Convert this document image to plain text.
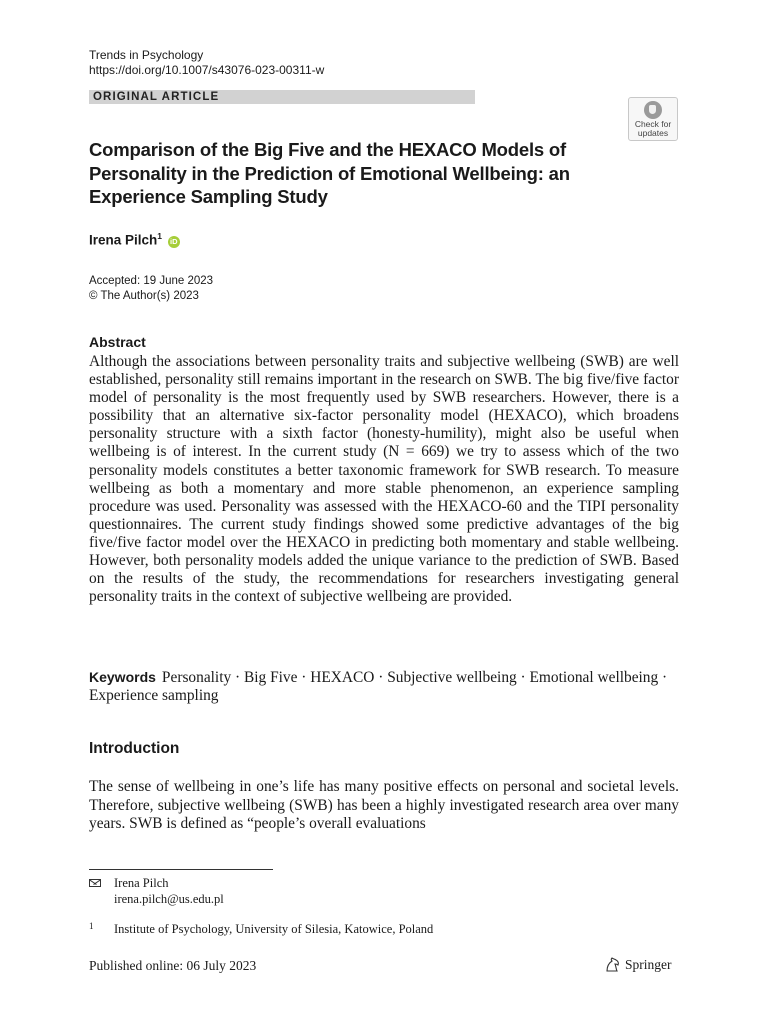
Trends in Psychology
https://doi.org/10.1007/s43076-023-00311-w
ORIGINAL ARTICLE
Check for
updates
Comparison of the Big Five and the HEXACO Models of Personality in the Prediction of Emotional Wellbeing: an Experience Sampling Study
Irena Pilch$^1$ iD
Accepted: 19 June 2023
© The Author(s) 2023
Abstract

Although the associations between personality traits and subjective wellbeing (SWB) are well established, personality still remains important in the research on SWB. The big five/five factor model of personality is the most frequently used by SWB researchers. However, there is a possibility that an alternative six-factor personality model (HEXACO), which broadens personality structure with a sixth factor (honesty-humility), might also be useful when wellbeing is of interest. In the current study (N = 669) we try to assess which of the two personality models constitutes a better taxonomic framework for SWB research. To measure wellbeing as both a momentary and more stable phenomenon, an experience sampling procedure was used. Personality was assessed with the HEXACO-60 and the TIPI personality questionnaires. The current study findings showed some predictive advantages of the big five/five factor model over the HEXACO in predicting both momentary and stable wellbeing. However, both personality models added the unique variance to the prediction of SWB. Based on the results of the study, the recommendations for researchers investigating general personality traits in the context of subjective wellbeing are provided.

Keywords Personality · Big Five · HEXACO · Subjective wellbeing · Emotional wellbeing · Experience sampling
Introduction

The sense of wellbeing in one’s life has many positive effects on personal and societal levels. Therefore, subjective wellbeing (SWB) has been a highly investigated research area over many years. SWB is defined as “people’s overall evaluations

Irena Pilch
irena.pilch@us.edu.pl
1 Institute of Psychology, University of Silesia, Katowice, Poland
Published online: 06 July 2023	Springer
